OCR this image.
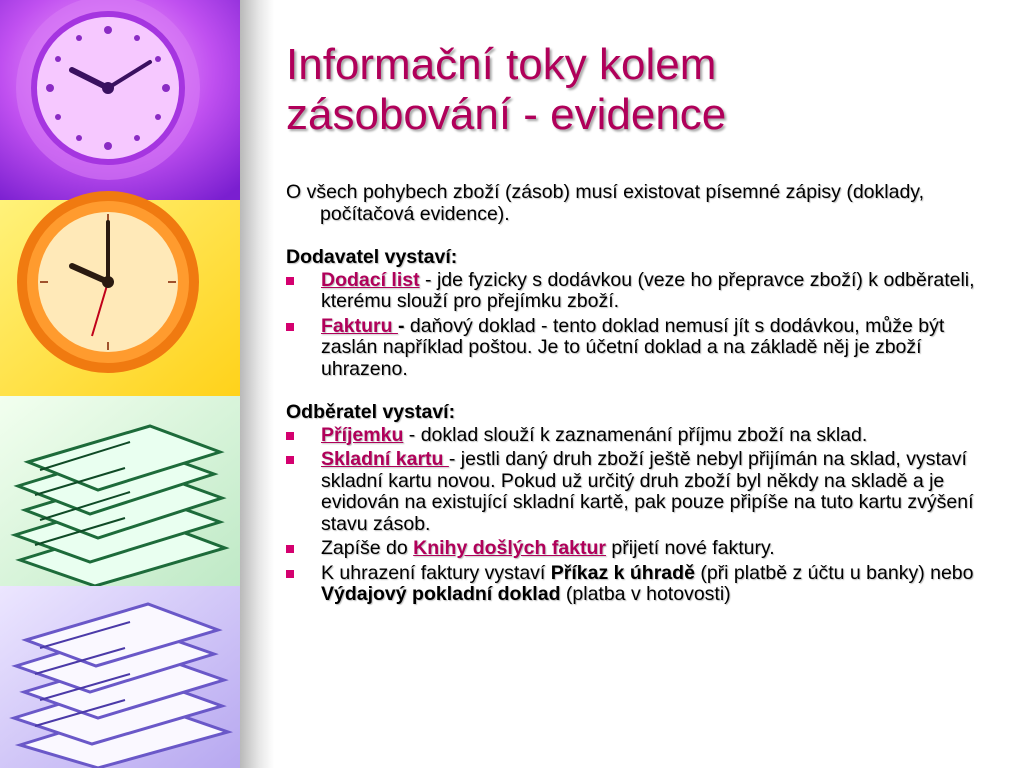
Informační toky kolem
zásobování - evidence

O všech pohybech zboží (zásob) musí existovat písemné zápisy (doklady, počítačová evidence).

Dodavatel vystaví:
Dodací list - jde fyzicky s dodávkou (veze ho přepravce zboží) k odběrateli, kterému slouží pro přejímku zboží.
Fakturu - daňový doklad - tento doklad nemusí jít s dodávkou, může být zaslán například poštou. Je to účetní doklad a na základě něj je zboží uhrazeno.
Odběratel vystaví:
Příjemku - doklad slouží k zaznamenání příjmu zboží na sklad.
Skladní kartu - jestli daný druh zboží ještě nebyl přijímán na sklad, vystaví skladní kartu novou. Pokud už určitý druh zboží byl někdy na skladě a je evidován na existující skladní kartě, pak pouze připíše na tuto kartu zvýšení stavu zásob.
Zapíše do Knihy došlých faktur přijetí nové faktury.
K uhrazení faktury vystaví Příkaz k úhradě (při platbě z účtu u banky) nebo Výdajový pokladní doklad (platba v hotovosti)
